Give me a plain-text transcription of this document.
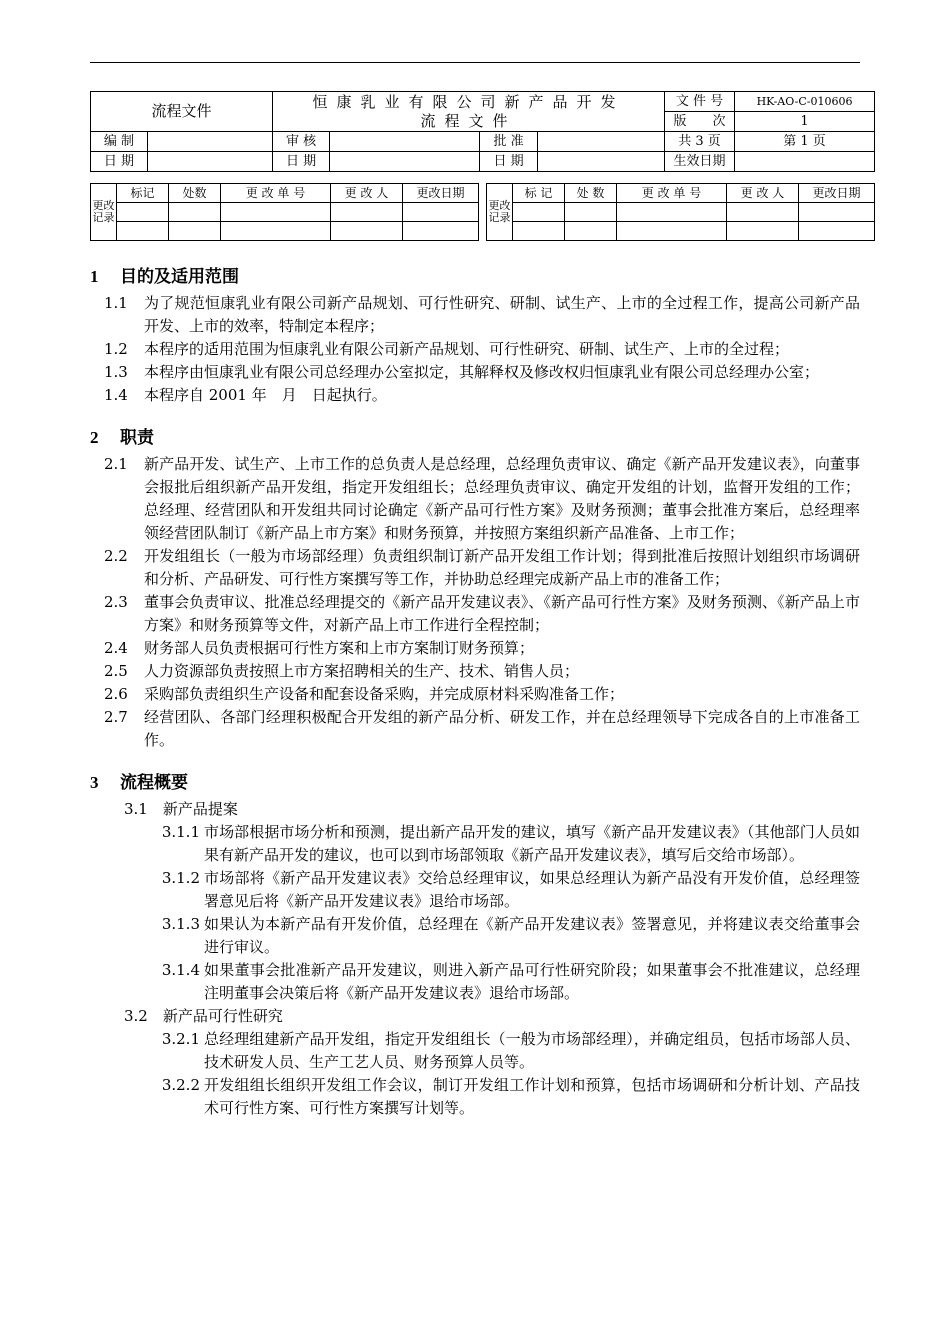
流程文件		恒康乳业有限公司新产品开发
流程文件				文 件 号	HK-AO-C-010606
						版　　次	1
编 制		审 核		批 准		共 3 页	第 1 页
日 期		日 期		日 期		生效日期	
更改记录	标记	处数	更 改 单 号	更 改 人	更改日期

更改记录	标 记	处 数	更 改 单 号	更 改 人	更改日期

1 目的及适用范围
1.1	为了规范恒康乳业有限公司新产品规划、可行性研究、研制、试生产、上市的全过程工作，提高公司新产品开发、上市的效率，特制定本程序；
1.2	本程序的适用范围为恒康乳业有限公司新产品规划、可行性研究、研制、试生产、上市的全过程；
1.3	本程序由恒康乳业有限公司总经理办公室拟定，其解释权及修改权归恒康乳业有限公司总经理办公室；
1.4	本程序自 2001 年　月　日起执行。
2 职责
2.1	新产品开发、试生产、上市工作的总负责人是总经理，总经理负责审议、确定《新产品开发建议表》，向董事会报批后组织新产品开发组，指定开发组组长；总经理负责审议、确定开发组的计划，监督开发组的工作；总经理、经营团队和开发组共同讨论确定《新产品可行性方案》及财务预测；董事会批准方案后，总经理率领经营团队制订《新产品上市方案》和财务预算，并按照方案组织新产品准备、上市工作；
2.2	开发组组长（一般为市场部经理）负责组织制订新产品开发组工作计划；得到批准后按照计划组织市场调研和分析、产品研发、可行性方案撰写等工作，并协助总经理完成新产品上市的准备工作；
2.3	董事会负责审议、批准总经理提交的《新产品开发建议表》、《新产品可行性方案》及财务预测、《新产品上市方案》和财务预算等文件，对新产品上市工作进行全程控制；
2.4	财务部人员负责根据可行性方案和上市方案制订财务预算；
2.5	人力资源部负责按照上市方案招聘相关的生产、技术、销售人员；
2.6	采购部负责组织生产设备和配套设备采购，并完成原材料采购准备工作；
2.7	经营团队、各部门经理积极配合开发组的新产品分析、研发工作，并在总经理领导下完成各自的上市准备工作。
3 流程概要
3.1　新产品提案
3.1.1 市场部根据市场分析和预测，提出新产品开发的建议，填写《新产品开发建议表》（其他部门人员如果有新产品开发的建议，也可以到市场部领取《新产品开发建议表》，填写后交给市场部）。
3.1.2 市场部将《新产品开发建议表》交给总经理审议，如果总经理认为新产品没有开发价值，总经理签署意见后将《新产品开发建议表》退给市场部。
3.1.3 如果认为本新产品有开发价值，总经理在《新产品开发建议表》签署意见，并将建议表交给董事会进行审议。
3.1.4 如果董事会批准新产品开发建议，则进入新产品可行性研究阶段；如果董事会不批准建议，总经理注明董事会决策后将《新产品开发建议表》退给市场部。
3.2　新产品可行性研究
3.2.1 总经理组建新产品开发组，指定开发组组长（一般为市场部经理），并确定组员，包括市场部人员、技术研发人员、生产工艺人员、财务预算人员等。
3.2.2 开发组组长组织开发组工作会议，制订开发组工作计划和预算，包括市场调研和分析计划、产品技术可行性方案、可行性方案撰写计划等。
